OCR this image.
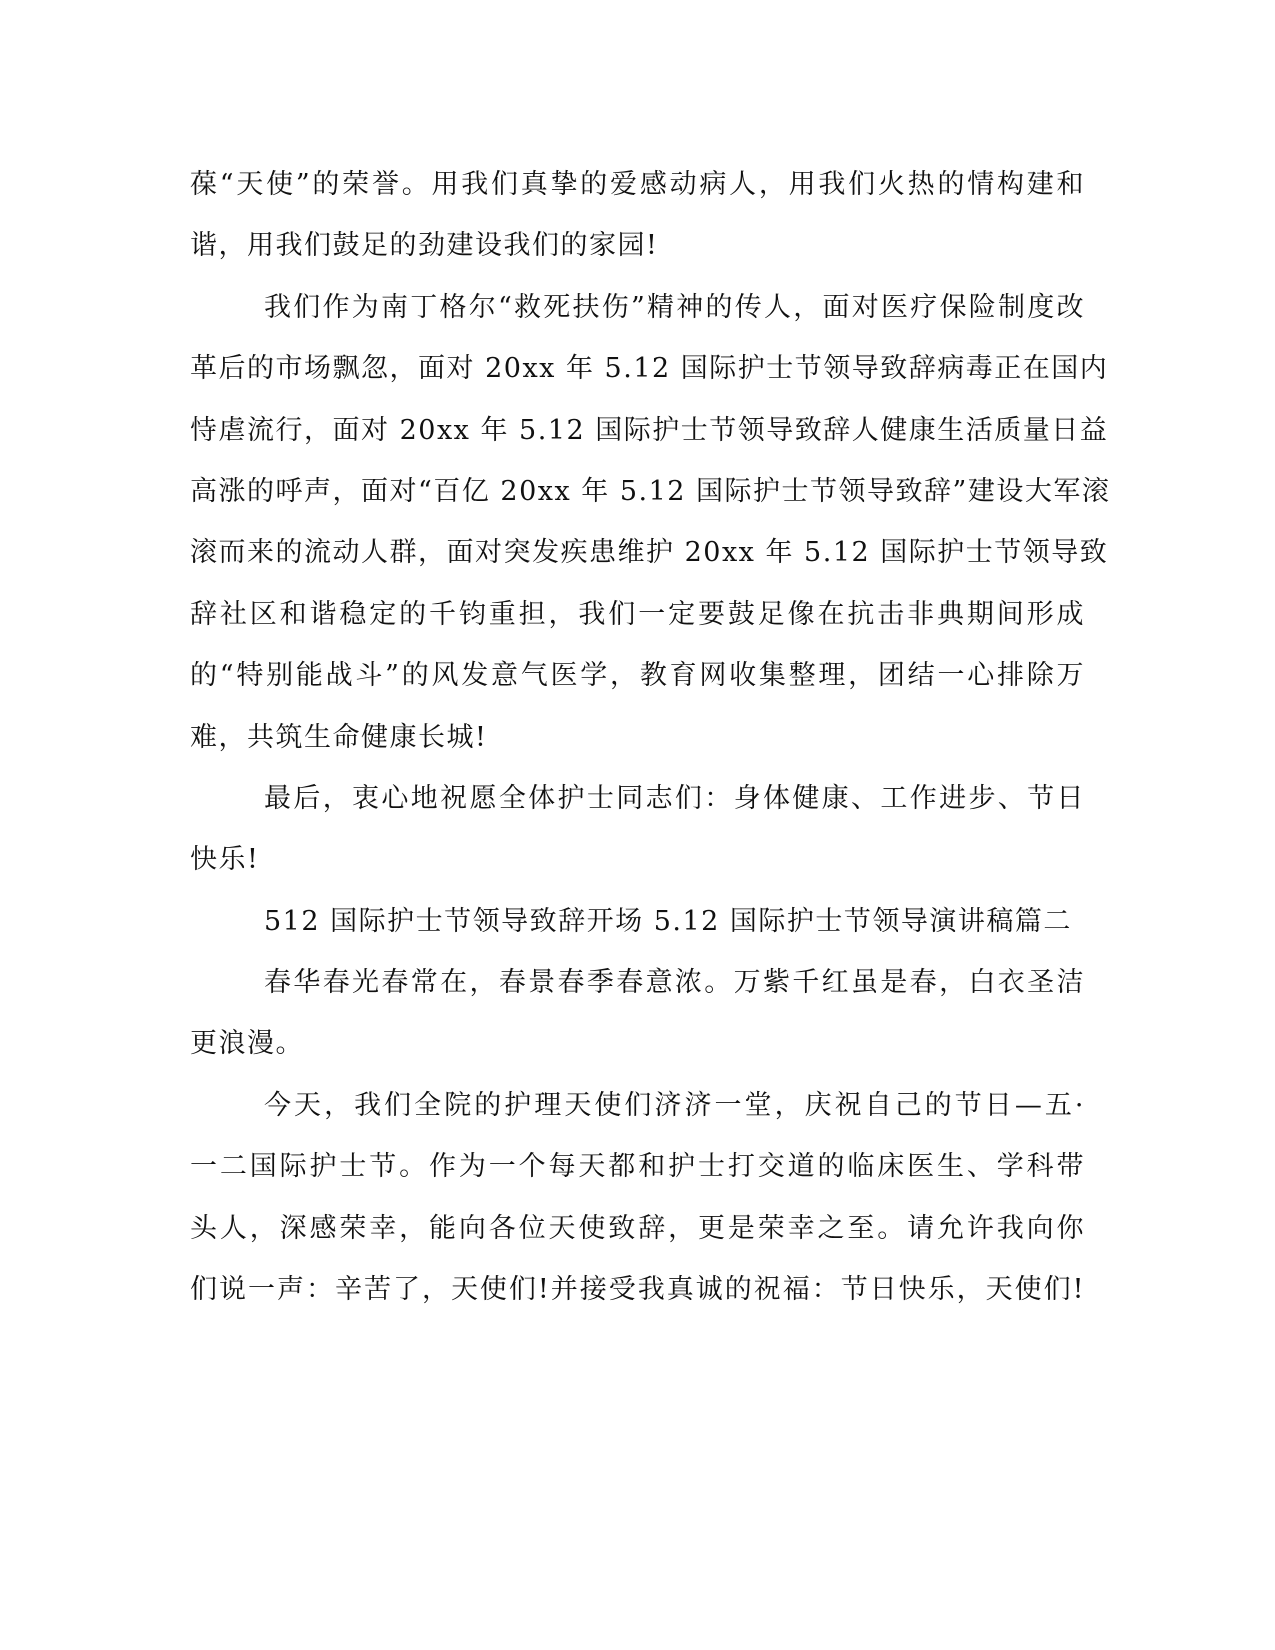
葆“天使”的荣誉。用我们真挚的爱感动病人，用我们火热的情构建和
谐，用我们鼓足的劲建设我们的家园!
我们作为南丁格尔“救死扶伤”精神的传人，面对医疗保险制度改
革后的市场飘忽，面对 20xx 年 5.12 国际护士节领导致辞病毒正在国内
恃虐流行，面对 20xx 年 5.12 国际护士节领导致辞人健康生活质量日益
高涨的呼声，面对“百亿 20xx 年 5.12 国际护士节领导致辞”建设大军滚
滚而来的流动人群，面对突发疾患维护 20xx 年 5.12 国际护士节领导致
辞社区和谐稳定的千钧重担，我们一定要鼓足像在抗击非典期间形成
的“特别能战斗”的风发意气医学，教育网收集整理，团结一心排除万
难，共筑生命健康长城!
最后，衷心地祝愿全体护士同志们：身体健康、工作进步、节日
快乐!
512 国际护士节领导致辞开场 5.12 国际护士节领导演讲稿篇二
春华春光春常在，春景春季春意浓。万紫千红虽是春，白衣圣洁
更浪漫。
今天，我们全院的护理天使们济济一堂，庆祝自己的节日—五·
一二国际护士节。作为一个每天都和护士打交道的临床医生、学科带
头人，深感荣幸，能向各位天使致辞，更是荣幸之至。请允许我向你
们说一声：辛苦了，天使们!并接受我真诚的祝福：节日快乐，天使们!
